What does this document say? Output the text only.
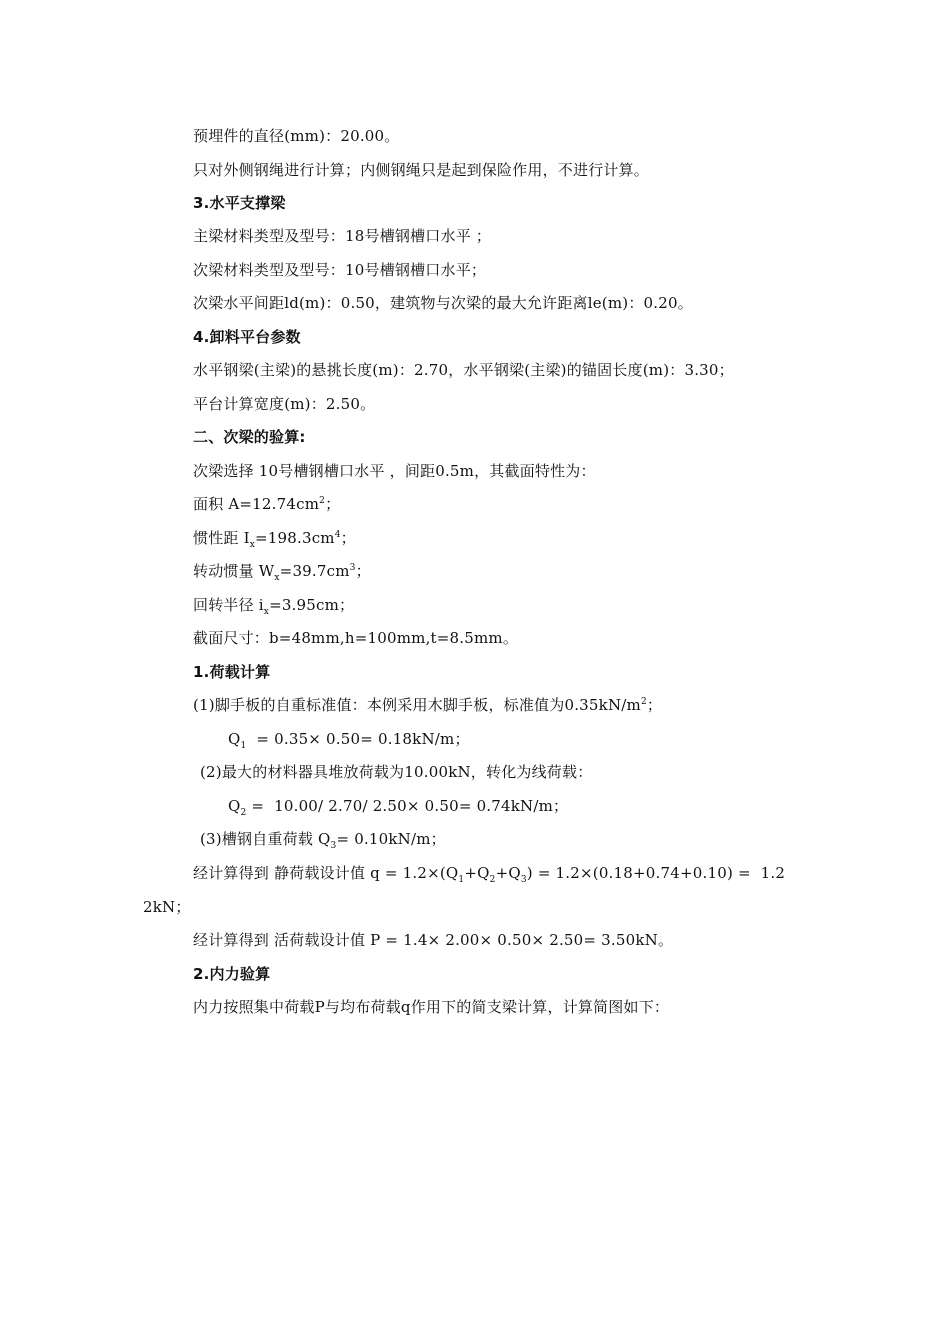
预埋件的直径(mm)：20.00。
只对外侧钢绳进行计算；内侧钢绳只是起到保险作用，不进行计算。
3.水平支撑梁
主梁材料类型及型号：18号槽钢槽口水平 ；
次梁材料类型及型号：10号槽钢槽口水平；
次梁水平间距ld(m)：0.50，建筑物与次梁的最大允许距离le(m)：0.20。
4.卸料平台参数
水平钢梁(主梁)的悬挑长度(m)：2.70，水平钢梁(主梁)的锚固长度(m)：3.30；
平台计算宽度(m)：2.50。
二、次梁的验算:
次梁选择 10号槽钢槽口水平 ，间距0.5m，其截面特性为：
面积 $A=12.74cm^2$；
惯性距 $I_x=198.3cm^4$；
转动惯量 $W_x=39.7cm^3$；
回转半径 $i_x=3.95cm$；
截面尺寸：b=48mm,h=100mm,t=8.5mm。
1.荷载计算
(1)脚手板的自重标准值：本例采用木脚手板，标准值为$0.35kN/m^2$；
$Q_1 = 0.35\times 0.50= 0.18kN/m$；
(2)最大的材料器具堆放荷载为10.00kN，转化为线荷载：
$Q_2 = 10.00/$ 2.70/ 2.50× 0.50= 0.74kN/m；
(3)槽钢自重荷载 $Q_3= 0.10kN/m$；
经计算得到 静荷载设计值 $q = 1.2\times(Q_1+Q_2+Q_3) = 1.2\times(0.18+0.74+0.10) = 1.2$
2kN；
经计算得到 活荷载设计值 P = 1.4× 2.00× 0.50× 2.50= 3.50kN。
2.内力验算
内力按照集中荷载P与均布荷载q作用下的简支梁计算，计算简图如下：
